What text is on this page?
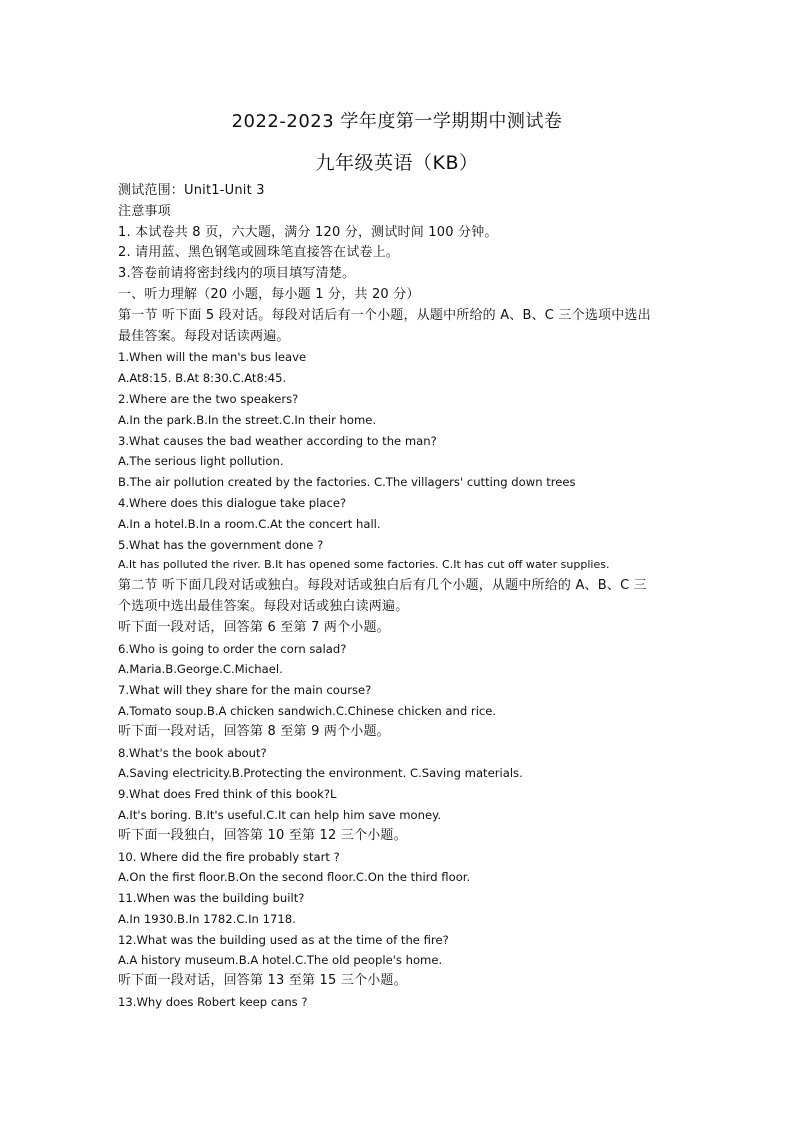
2022-2023 学年度第一学期期中测试卷
九年级英语（KB）
测试范围：Unit1-Unit 3
注意事项
1. 本试卷共 8 页，六大题，满分 120 分，测试时间 100 分钟。
2. 请用蓝、黑色钢笔或圆珠笔直接答在试卷上。
3.答卷前请将密封线内的项目填写清楚。
一、听力理解（20 小题，每小题 1 分，共 20 分）
第一节 听下面 5 段对话。每段对话后有一个小题，从题中所给的 A、B、C 三个选项中选出
最佳答案。每段对话读两遍。
1.When will the man's bus leave
A.At8:15. B.At 8:30.C.At8:45.
2.Where are the two speakers?
A.In the park.B.In the street.C.In their home.
3.What causes the bad weather according to the man?
A.The serious light pollution.
B.The air pollution created by the factories. C.The villagers' cutting down trees
4.Where does this dialogue take place?
A.In a hotel.B.In a room.C.At the concert hall.
5.What has the government done ?
A.It has polluted the river. B.It has opened some factories. C.It has cut off water supplies.
第二节 听下面几段对话或独白。每段对话或独白后有几个小题，从题中所给的 A、B、C 三
个选项中选出最佳答案。每段对话或独白读两遍。
听下面一段对话，回答第 6 至第 7 两个小题。
6.Who is going to order the corn salad?
A.Maria.B.George.C.Michael.
7.What will they share for the main course?
A.Tomato soup.B.A chicken sandwich.C.Chinese chicken and rice.
听下面一段对话，回答第 8 至第 9 两个小题。
8.What's the book about?
A.Saving electricity.B.Protecting the environment. C.Saving materials.
9.What does Fred think of this book?L
A.It's boring. B.It's useful.C.It can help him save money.
听下面一段独白，回答第 10 至第 12 三个小题。
10. Where did the fire probably start ?
A.On the first floor.B.On the second floor.C.On the third floor.
11.When was the building built?
A.In 1930.B.In 1782.C.In 1718.
12.What was the building used as at the time of the fire?
A.A history museum.B.A hotel.C.The old people's home.
听下面一段对话，回答第 13 至第 15 三个小题。
13.Why does Robert keep cans ?
